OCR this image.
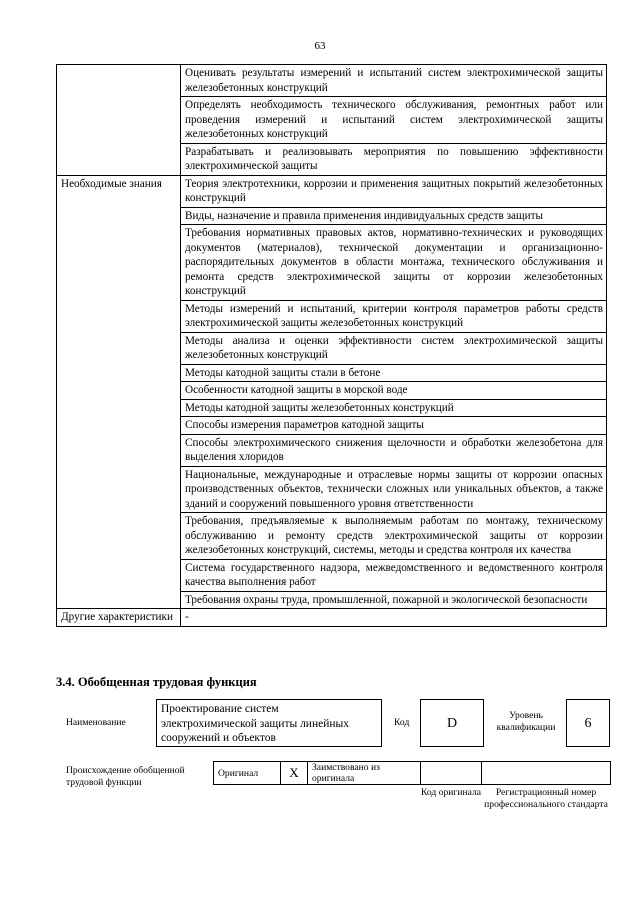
63
	Оценивать результаты измерений и испытаний систем электрохимической защиты железобетонных конструкций
	Определять необходимость технического обслуживания, ремонтных работ или проведения измерений и испытаний систем электрохимической защиты железобетонных конструкций
	Разрабатывать и реализовывать мероприятия по повышению эффективности электрохимической защиты
Необходимые знания	Теория электротехники, коррозии и применения защитных покрытий железобетонных конструкций
	Виды, назначение и правила применения индивидуальных средств защиты
	Требования нормативных правовых актов, нормативно-технических и руководящих документов (материалов), технической документации и организационно-распорядительных документов в области монтажа, технического обслуживания и ремонта средств электрохимической защиты от коррозии железобетонных конструкций
	Методы измерений и испытаний, критерии контроля параметров работы средств электрохимической защиты железобетонных конструкций
	Методы анализа и оценки эффективности систем электрохимической защиты железобетонных конструкций
	Методы катодной защиты стали в бетоне
	Особенности катодной защиты в морской воде
	Методы катодной защиты железобетонных конструкций
	Способы измерения параметров катодной защиты
	Способы электрохимического снижения щелочности и обработки железобетона для выделения хлоридов
	Национальные, международные и отраслевые нормы защиты от коррозии опасных производственных объектов, технически сложных или уникальных объектов, а также зданий и сооружений повышенного уровня ответственности
	Требования, предъявляемые к выполняемым работам по монтажу, техническому обслуживанию и ремонту средств электрохимической защиты от коррозии железобетонных конструкций, системы, методы и средства контроля их качества
	Система государственного надзора, межведомственного и ведомственного контроля качества выполнения работ
	Требования охраны труда, промышленной, пожарной и экологической безопасности
Другие характеристики	-
3.4. Обобщенная трудовая функция
Наименование
Проектирование систем электрохимической защиты линейных сооружений и объектов
Код	D
Уровень квалификации	6
Происхождение обобщенной трудовой функции
Оригинал	X	Заимствовано из оригинала		
Код оригинала	Регистрационный номер профессионального стандарта
